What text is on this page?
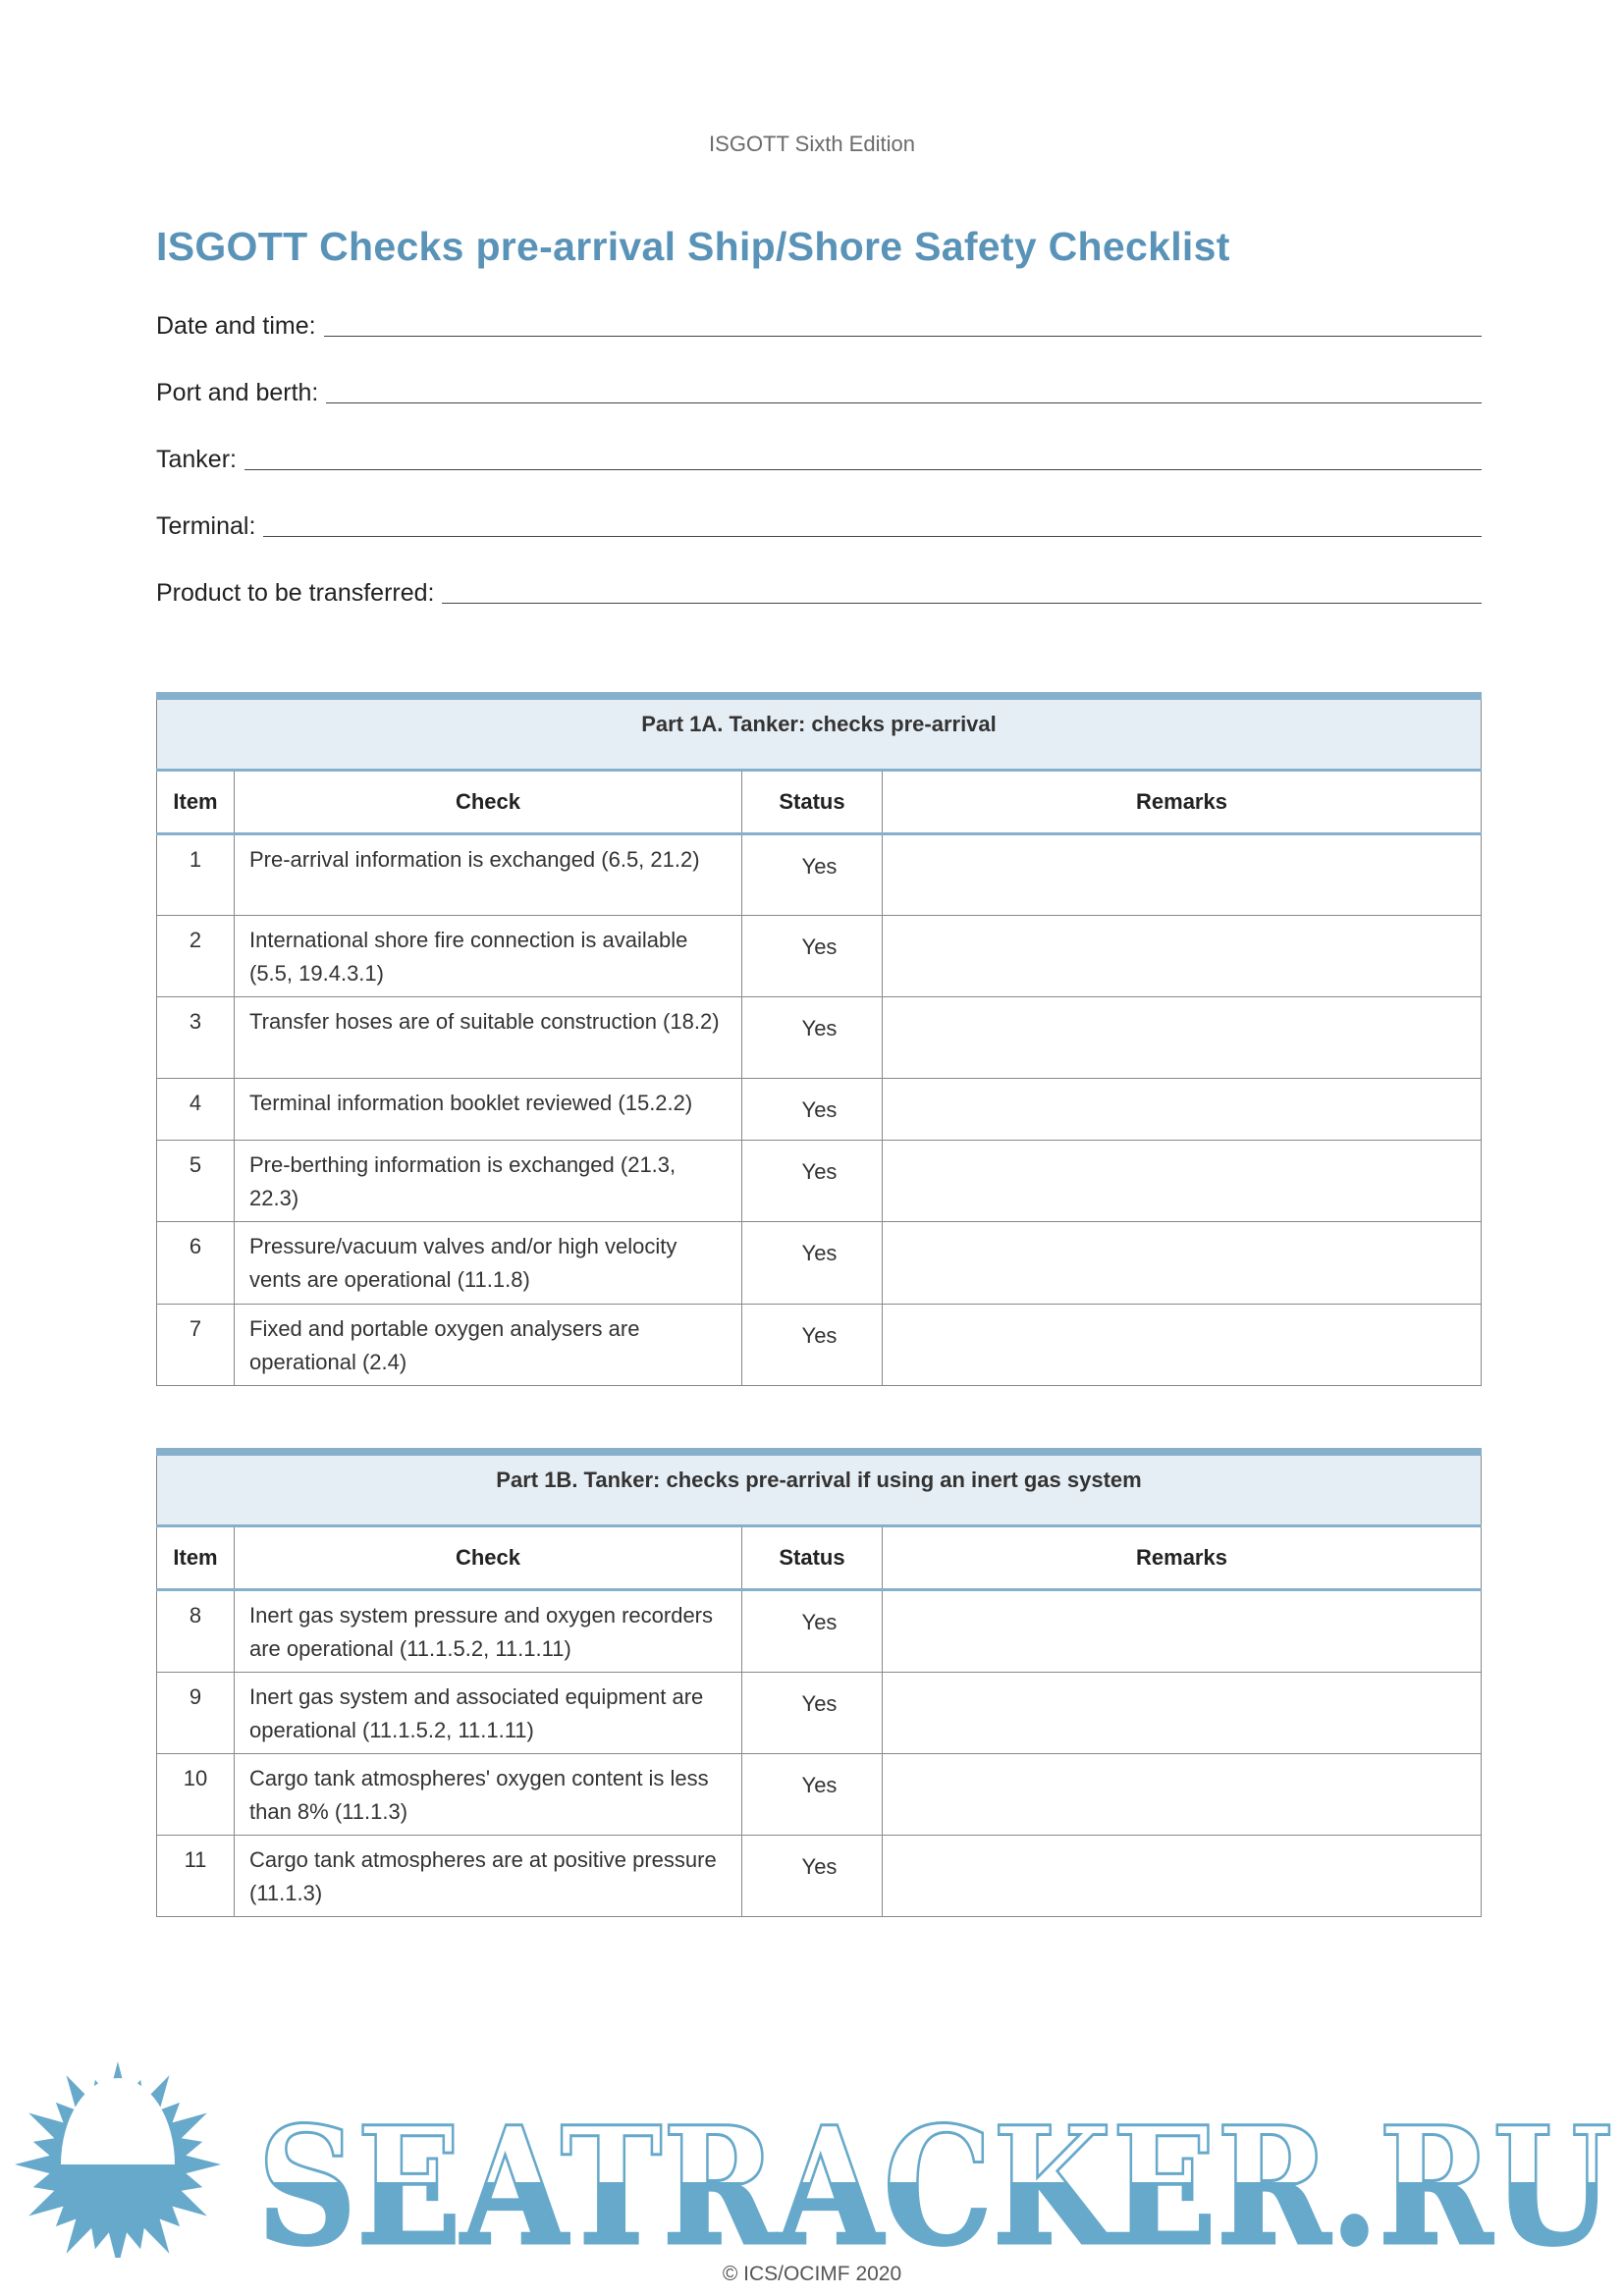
ISGOTT Sixth Edition
ISGOTT Checks pre-arrival Ship/Shore Safety Checklist
Date and time:
Port and berth:
Tanker:
Terminal:
Product to be transferred:
Part 1A. Tanker: checks pre-arrival			
Item	Check	Status	Remarks
1	Pre-arrival information is exchanged (6.5, 21.2)	Yes	
2	International shore fire connection is available (5.5, 19.4.3.1)	Yes	
3	Transfer hoses are of suitable construction (18.2)	Yes	
4	Terminal information booklet reviewed (15.2.2)	Yes	
5	Pre-berthing information is exchanged (21.3, 22.3)	Yes	
6	Pressure/vacuum valves and/or high velocity vents are operational (11.1.8)	Yes	
7	Fixed and portable oxygen analysers are operational (2.4)	Yes	
Part 1B. Tanker: checks pre-arrival if using an inert gas system			
Item	Check	Status	Remarks
8	Inert gas system pressure and oxygen recorders are operational (11.1.5.2, 11.1.11)	Yes	
9	Inert gas system and associated equipment are operational (11.1.5.2, 11.1.11)	Yes	
10	Cargo tank atmospheres' oxygen content is less than 8% (11.1.3)	Yes	
11	Cargo tank atmospheres are at positive pressure (11.1.3)	Yes	
SEATRACKER.RU
© ICS/OCIMF 2020
